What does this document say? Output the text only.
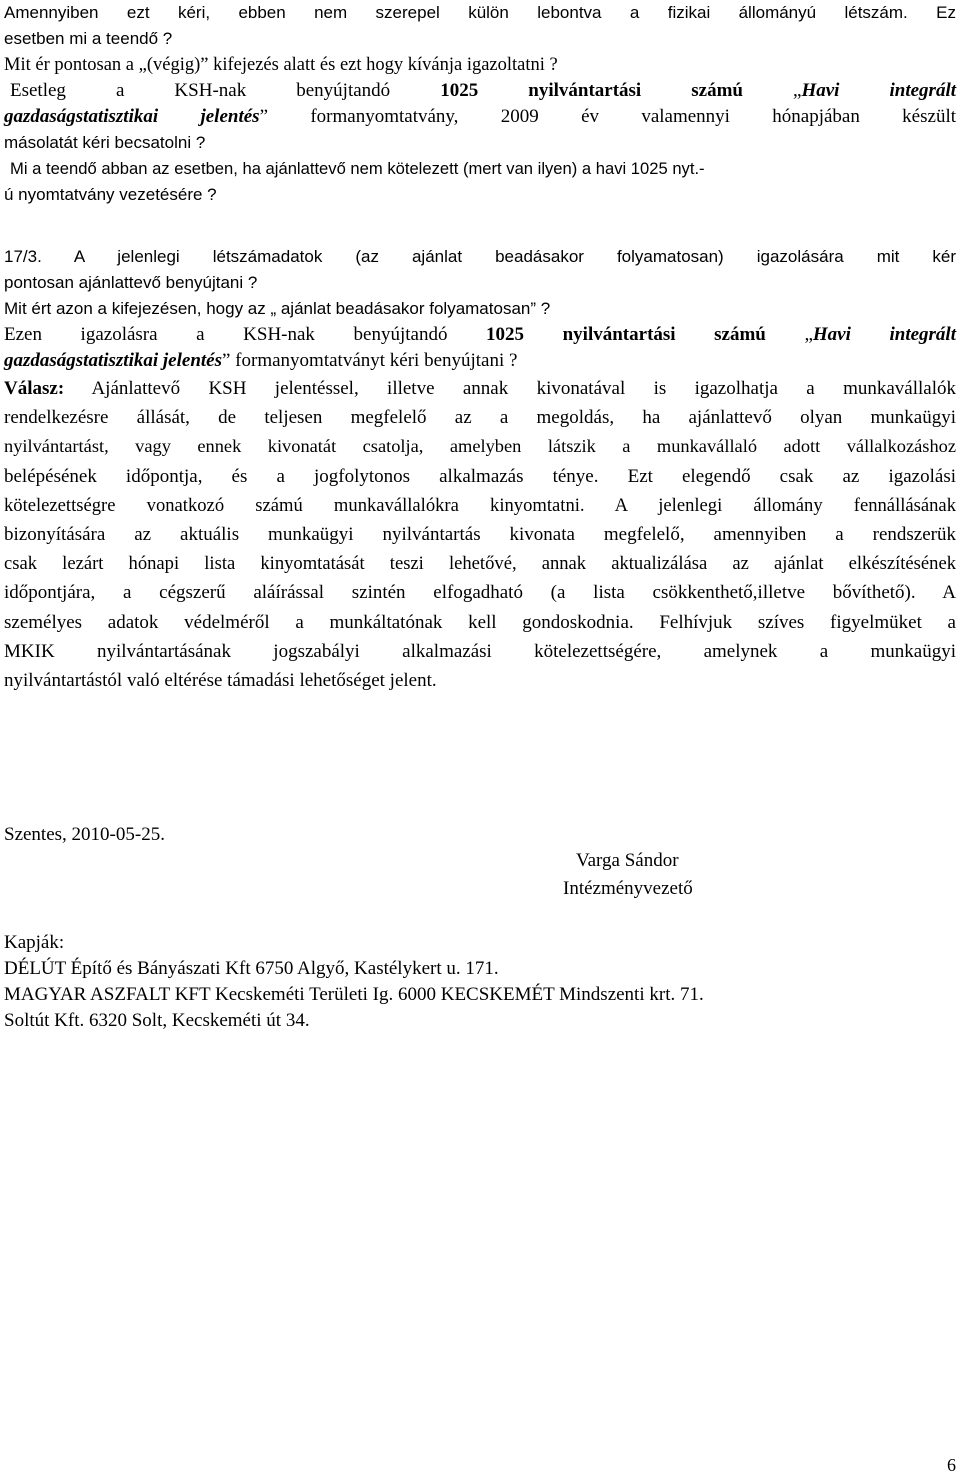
Amennyiben ezt kéri, ebben nem szerepel külön lebontva a fizikai állományú létszám. Ez
esetben mi a teendő ?
Mit ér pontosan a „(végig)” kifejezés alatt és ezt hogy kívánja igazoltatni ?
Esetleg a KSH-nak benyújtandó 1025 nyilvántartási számú „Havi integrált
gazdaságstatisztikai jelentés” formanyomtatvány, 2009 év valamennyi hónapjában készült
másolatát kéri becsatolni ?
Mi a teendő abban az esetben, ha ajánlattevő nem kötelezett (mert van ilyen) a havi 1025 nyt.-
ú nyomtatvány vezetésére ?
17/3. A jelenlegi létszámadatok (az ajánlat beadásakor folyamatosan) igazolására mit kér
pontosan ajánlattevő benyújtani ?
Mit ért azon a kifejezésen, hogy az „ ajánlat beadásakor folyamatosan” ?
Ezen igazolásra a KSH-nak benyújtandó 1025 nyilvántartási számú „Havi integrált
gazdaságstatisztikai jelentés” formanyomtatványt kéri benyújtani ?
Válasz: Ajánlattevő KSH jelentéssel, illetve annak kivonatával is igazolhatja a munkavállalók
rendelkezésre állását, de teljesen megfelelő az a megoldás, ha ajánlattevő olyan munkaügyi
nyilvántartást, vagy ennek kivonatát csatolja, amelyben látszik a munkavállaló adott vállalkozáshoz
belépésének időpontja, és a jogfolytonos alkalmazás ténye. Ezt elegendő csak az igazolási
kötelezettségre vonatkozó számú munkavállalókra kinyomtatni. A jelenlegi állomány fennállásának
bizonyítására az aktuális munkaügyi nyilvántartás kivonata megfelelő, amennyiben a rendszerük
csak lezárt hónapi lista kinyomtatását teszi lehetővé, annak aktualizálása az ajánlat elkészítésének
időpontjára, a cégszerű aláírással szintén elfogadható (a lista csökkenthető,illetve bővíthető). A
személyes adatok védelméről a munkáltatónak kell gondoskodnia. Felhívjuk szíves figyelmüket a
MKIK nyilvántartásának jogszabályi alkalmazási kötelezettségére, amelynek a munkaügyi
nyilvántartástól való eltérése támadási lehetőséget jelent.
Szentes, 2010-05-25.
Varga Sándor
Intézményvezető
Kapják:
DÉLÚT Építő és Bányászati Kft 6750 Algyő, Kastélykert u. 171.
MAGYAR ASZFALT KFT Kecskeméti Területi Ig. 6000 KECSKEMÉT Mindszenti krt. 71.
Soltút Kft. 6320 Solt, Kecskeméti út 34.
6
